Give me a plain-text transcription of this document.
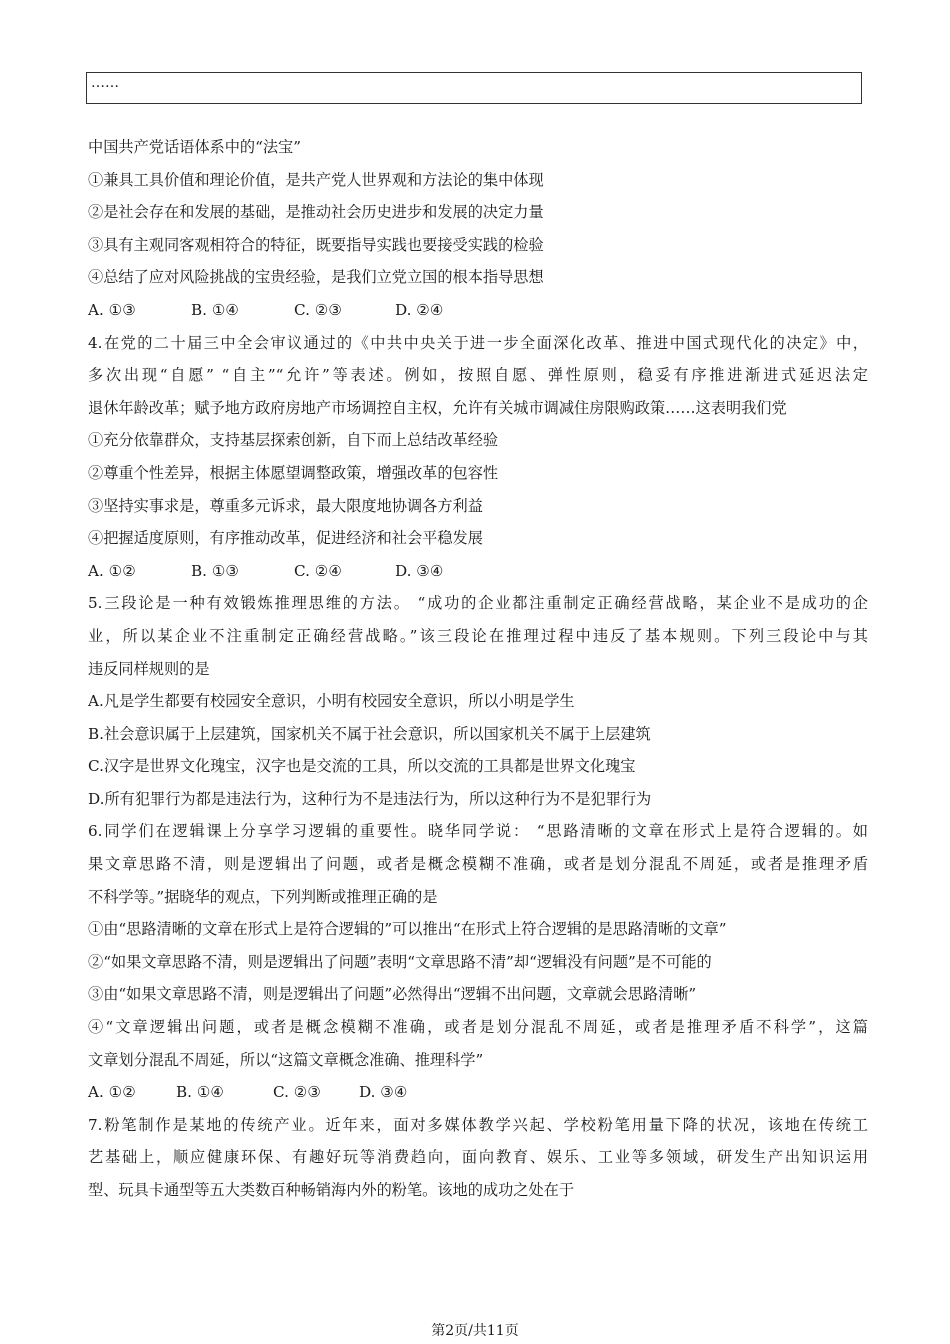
……
中国共产党话语体系中的“法宝”
①兼具工具价值和理论价值，是共产党人世界观和方法论的集中体现
②是社会存在和发展的基础，是推动社会历史进步和发展的决定力量
③具有主观同客观相符合的特征，既要指导实践也要接受实践的检验
④总结了应对风险挑战的宝贵经验，是我们立党立国的根本指导思想
A. ①③	B. ①④	C. ②③	D. ②④
4.在党的二十届三中全会审议通过的《中共中央关于进一步全面深化改革、推进中国式现代化的决定》中，
多次出现“自愿” “自主”“允许”等表述。例如，按照自愿、弹性原则，稳妥有序推进渐进式延迟法定
退休年龄改革；赋予地方政府房地产市场调控自主权，允许有关城市调减住房限购政策……这表明我们党
①充分依靠群众，支持基层探索创新，自下而上总结改革经验
②尊重个性差异，根据主体愿望调整政策，增强改革的包容性
③坚持实事求是，尊重多元诉求，最大限度地协调各方利益
④把握适度原则，有序推动改革，促进经济和社会平稳发展
A. ①②	B. ①③	C. ②④	D. ③④
5.三段论是一种有效锻炼推理思维的方法。 “成功的企业都注重制定正确经营战略，某企业不是成功的企
业，所以某企业不注重制定正确经营战略。”该三段论在推理过程中违反了基本规则。下列三段论中与其
违反同样规则的是
A.凡是学生都要有校园安全意识，小明有校园安全意识，所以小明是学生
B.社会意识属于上层建筑，国家机关不属于社会意识，所以国家机关不属于上层建筑
C.汉字是世界文化瑰宝，汉字也是交流的工具，所以交流的工具都是世界文化瑰宝
D.所有犯罪行为都是违法行为，这种行为不是违法行为，所以这种行为不是犯罪行为
6.同学们在逻辑课上分享学习逻辑的重要性。晓华同学说： “思路清晰的文章在形式上是符合逻辑的。如
果文章思路不清，则是逻辑出了问题，或者是概念模糊不准确，或者是划分混乱不周延，或者是推理矛盾
不科学等。”据晓华的观点，下列判断或推理正确的是
①由“思路清晰的文章在形式上是符合逻辑的”可以推出“在形式上符合逻辑的是思路清晰的文章”
②“如果文章思路不清，则是逻辑出了问题”表明“文章思路不清”却“逻辑没有问题”是不可能的
③由“如果文章思路不清，则是逻辑出了问题”必然得出“逻辑不出问题，文章就会思路清晰”
④“文章逻辑出问题，或者是概念模糊不准确，或者是划分混乱不周延，或者是推理矛盾不科学”，这篇
文章划分混乱不周延，所以“这篇文章概念准确、推理科学”
A. ①②	B. ①④	C. ②③	D. ③④
7.粉笔制作是某地的传统产业。近年来，面对多媒体教学兴起、学校粉笔用量下降的状况，该地在传统工
艺基础上，顺应健康环保、有趣好玩等消费趋向，面向教育、娱乐、工业等多领域，研发生产出知识运用
型、玩具卡通型等五大类数百种畅销海内外的粉笔。该地的成功之处在于
第2页/共11页
